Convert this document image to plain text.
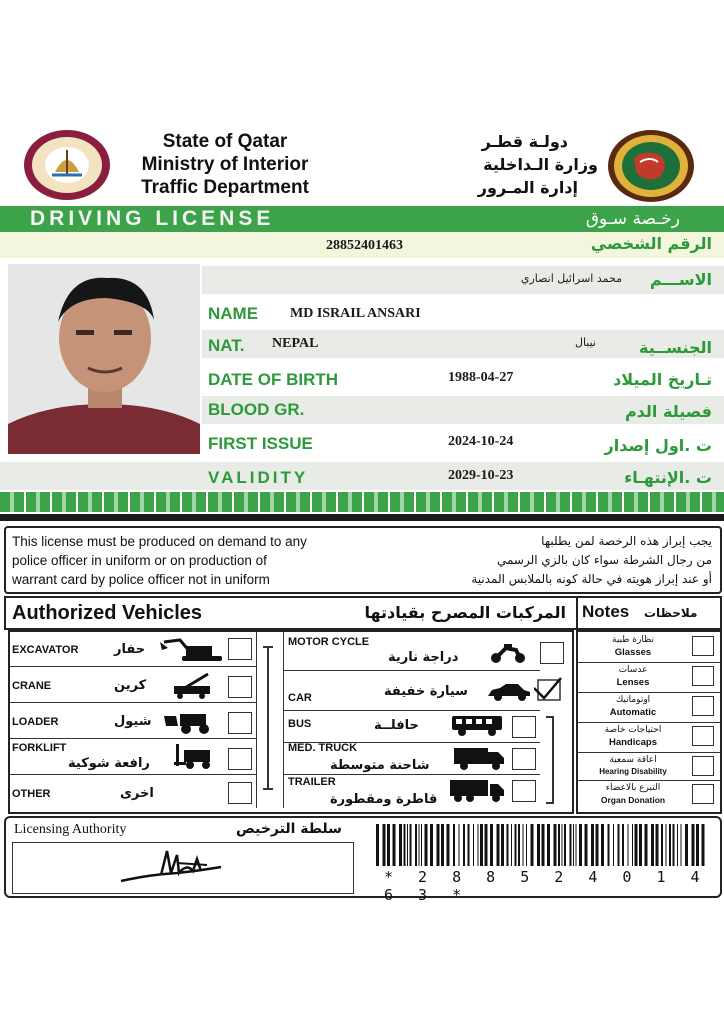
State of Qatar
Ministry of Interior
Traffic Department
دولـة قطـر
وزارة الـداخلية
إدارة المـرور
DRIVING LICENSE	رخـصة سـوق
28852401463	الرقم الشخصي
محمد اسرائيل انصاري	الاســـم
NAME MD ISRAIL ANSARI
NAT. NEPAL	نيبال	الجنســية
DATE OF BIRTH	1988-04-27	تـاريخ الميلاد
BLOOD GR.	فصيلة الدم
FIRST ISSUE	2024-10-24	ت .اول إصدار
VALIDITY	2029-10-23	ت .الإنتهـاء
This license must be produced on demand to any
police officer in uniform or on production of
warrant card by police officer not in uniform
يجب إبراز هذه الرخصة لمن يطلبها
من رجال الشرطة سواء كان بالزي الرسمي
أو عند إبراز هويته في حالة كونه بالملابس المدنية
Authorized Vehicles	المركبات المصرح بقيادتها Notes ملاحظات
EXCAVATOR	حفار
CRANE	كرين
LOADER	شيول
FORKLIFT
رافعة شوكية
OTHER	اخرى
MOTOR CYCLE
دراجة نارية
CAR	سيارة خفيفة
BUS	حافلــة
MED. TRUCK
شاحنة متوسطة
TRAILER
قاطرة ومقطورة
نظارة طبية
Glasses
عدسات
Lenses
اوتوماتيك
Automatic
احتياجات خاصة
Handicaps
اعاقة سمعية
Hearing Disability
التبرع بالاعضاء
Organ Donation
Licensing Authority	سلطة الترخيص
* 2 8 8 5 2 4 0 1 4 6 3 *
